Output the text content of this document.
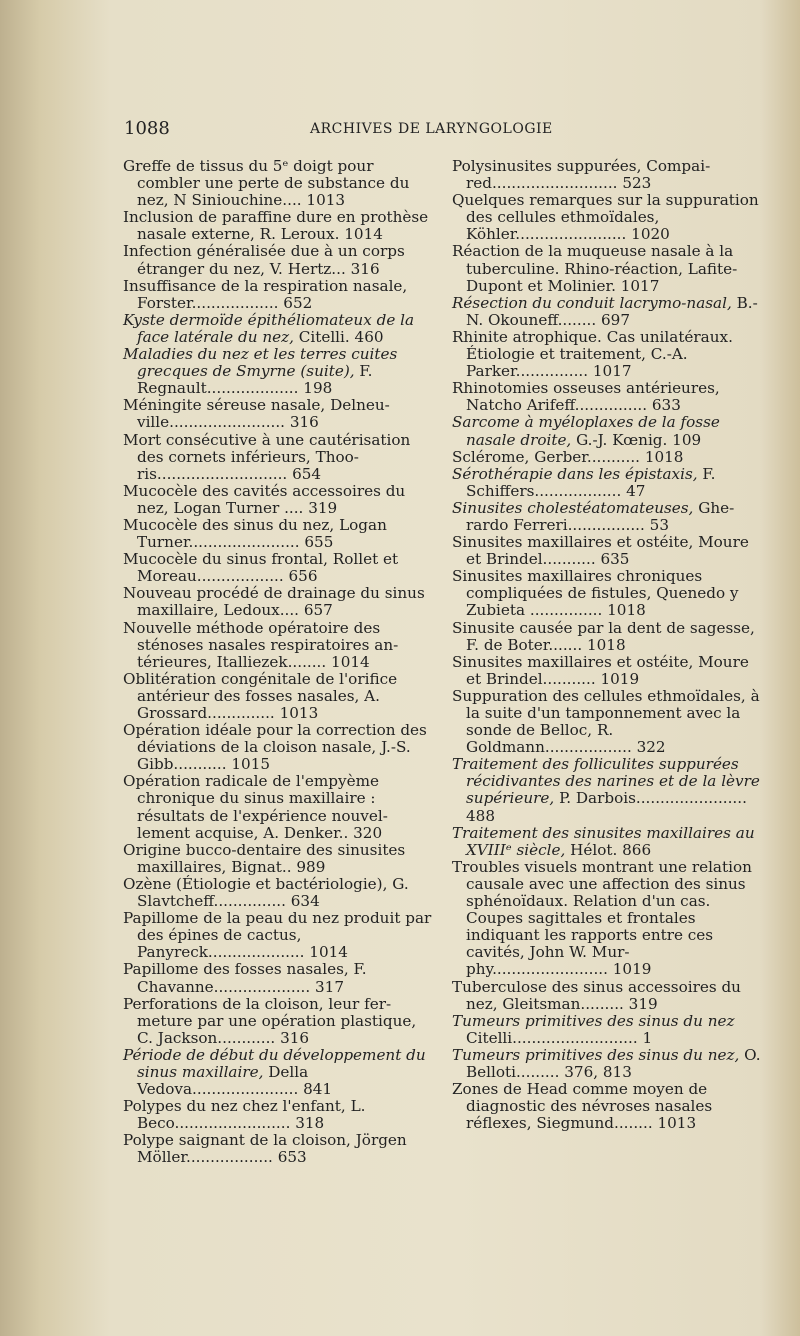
1088	ARCHIVES DE LARYNGOLOGIE

Greffe de tissus du 5ᵉ doigt pour combler une perte de substance du nez, N Siniouchine.... 1013

Inclusion de paraffine dure en prothèse nasale externe, R. Leroux. 1014

Infection généralisée due à un corps étranger du nez, V. Hertz... 316

Insuffisance de la respiration nasale, Forster.................. 652

Kyste dermoïde épithéliomateux de la face latérale du nez, Citelli. 460

Maladies du nez et les terres cuites grecques de Smyrne (suite), F. Regnault................... 198

Méningite séreuse nasale, Delneuville........................ 316

Mort consécutive à une cautérisation des cornets inférieurs, Thooris........................... 654

Mucocèle des cavités accessoires du nez, Logan Turner .... 319

Mucocèle des sinus du nez, Logan Turner....................... 655

Mucocèle du sinus frontal, Rollet et Moreau.................. 656

Nouveau procédé de drainage du sinus maxillaire, Ledoux.... 657

Nouvelle méthode opératoire des sténoses nasales respiratoires antérieures, Italliezek........ 1014

Oblitération congénitale de l'orifice antérieur des fosses nasales, A. Grossard.............. 1013

Opération idéale pour la correction des déviations de la cloison nasale, J.-S. Gibb........... 1015

Opération radicale de l'empyème chronique du sinus maxillaire : résultats de l'expérience nouvellement acquise, A. Denker.. 320

Origine bucco-dentaire des sinusites maxillaires, Bignat.. 989

Ozène (Étiologie et bactériologie), G. Slavtcheff............... 634

Papillome de la peau du nez produit par des épines de cactus, Panyreck.................... 1014

Papillome des fosses nasales, F. Chavanne.................... 317

Perforations de la cloison, leur fermeture par une opération plastique, C. Jackson............ 316

Période de début du développement du sinus maxillaire, Della Vedova...................... 841

Polypes du nez chez l'enfant, L. Beco........................ 318

Polype saignant de la cloison, Jörgen Möller.................. 653

Polysinusites suppurées, Compaired.......................... 523

Quelques remarques sur la suppuration des cellules ethmoïdales, Köhler....................... 1020

Réaction de la muqueuse nasale à la tuberculine. Rhino-réaction, Lafite-Dupont et Molinier. 1017

Résection du conduit lacrymo-nasal, B.-N. Okouneff........ 697

Rhinite atrophique. Cas unilatéraux. Étiologie et traitement, C.-A. Parker............... 1017

Rhinotomies osseuses antérieures, Natcho Arifeff............... 633

Sarcome à myéloplaxes de la fosse nasale droite, G.-J. Kœnig. 109

Sclérome, Gerber........... 1018

Sérothérapie dans les épistaxis, F. Schiffers.................. 47

Sinusites cholestéatomateuses, Gherardo Ferreri................ 53

Sinusites maxillaires et ostéite, Moure et Brindel........... 635

Sinusites maxillaires chroniques compliquées de fistules, Quenedo y Zubieta ............... 1018

Sinusite causée par la dent de sagesse, F. de Boter....... 1018

Sinusites maxillaires et ostéite, Moure et Brindel........... 1019

Suppuration des cellules ethmoïdales, à la suite d'un tamponnement avec la sonde de Belloc, R. Goldmann.................. 322

Traitement des folliculites suppurées récidivantes des narines et de la lèvre supérieure, P. Darbois....................... 488

Traitement des sinusites maxillaires au XVIIIᵉ siècle, Hélot. 866

Troubles visuels montrant une relation causale avec une affection des sinus sphénoïdaux. Relation d'un cas. Coupes sagittales et frontales indiquant les rapports entre ces cavités, John W. Murphy........................ 1019

Tuberculose des sinus accessoires du nez, Gleitsman......... 319

Tumeurs primitives des sinus du nez Citelli.......................... 1

Tumeurs primitives des sinus du nez, O. Belloti......... 376, 813

Zones de Head comme moyen de diagnostic des névroses nasales réflexes, Siegmund........ 1013
